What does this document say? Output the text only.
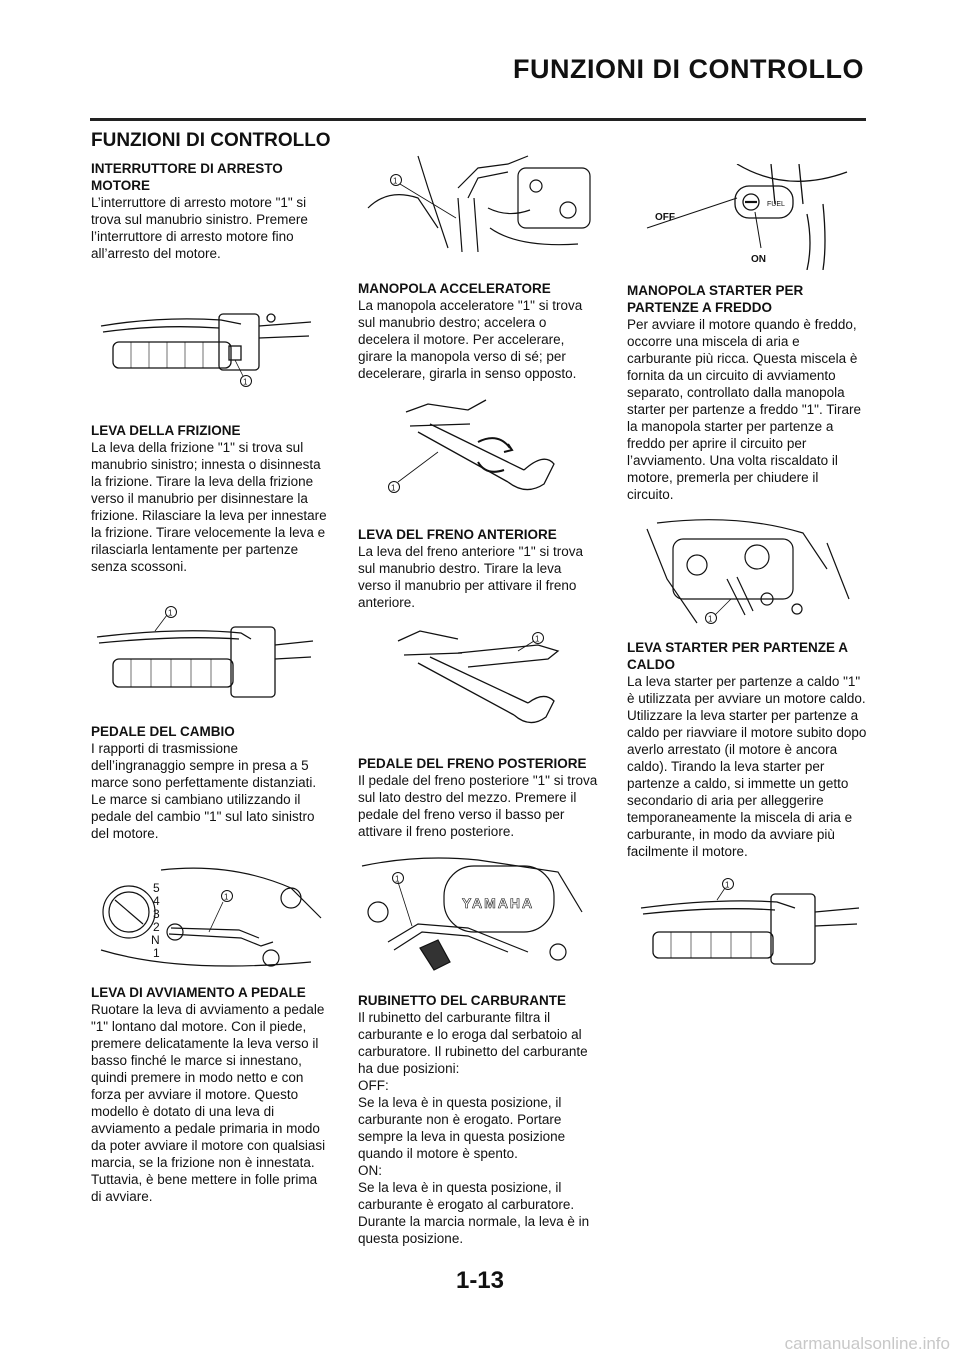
FUNZIONI DI CONTROLLO
FUNZIONI DI CONTROLLO
INTERRUTTORE DI ARRESTO MOTORE

L’interruttore di arresto motore "1" si trova sul manubrio sinistro. Premere l’interruttore di arresto motore fino all’arresto del motore.

1
LEVA DELLA FRIZIONE

La leva della frizione "1" si trova sul manubrio sinistro; innesta o disinnesta la frizione. Tirare la leva della frizione verso il manubrio per disinnestare la frizione. Rilasciare la leva per innestare la frizione. Tirare velocemente la leva e rilasciarla lentamente per partenze senza scossoni.

1
PEDALE DEL CAMBIO

I rapporti di trasmissione dell’ingranaggio sempre in presa a 5 marce sono perfettamente distanziati. Le marce si cambiano utilizzando il pedale del cambio "1" sul lato sinistro del motore.

5
4
3
2
N
1
1
LEVA DI AVVIAMENTO A PEDALE

Ruotare la leva di avviamento a pedale "1" lontano dal motore. Con il piede, premere delicatamente la leva verso il basso finché le marce si innestano, quindi premere in modo netto e con forza per avviare il motore. Questo modello è dotato di una leva di avviamento a pedale primaria in modo da poter avviare il motore con qualsiasi marcia, se la frizione non è innestata. Tuttavia, è bene mettere in folle prima di avviare.

1
MANOPOLA ACCELERATORE

La manopola acceleratore "1" si trova sul manubrio destro; accelera o decelera il motore. Per accelerare, girare la manopola verso di sé; per decelerare, girarla in senso opposto.

1
LEVA DEL FRENO ANTERIORE

La leva del freno anteriore "1" si trova sul manubrio destro. Tirare la leva verso il manubrio per attivare il freno anteriore.

1
PEDALE DEL FRENO POSTERIORE

Il pedale del freno posteriore "1" si trova sul lato destro del mezzo. Premere il pedale del freno verso il basso per attivare il freno posteriore.

YAMAHA
1
RUBINETTO DEL CARBURANTE

Il rubinetto del carburante filtra il carburante e lo eroga dal serbatoio al carburatore. Il rubinetto del carburante ha due posizioni:
OFF:
Se la leva è in questa posizione, il carburante non è erogato. Portare sempre la leva in questa posizione quando il motore è spento.
ON:
Se la leva è in questa posizione, il carburante è erogato al carburatore. Durante la marcia normale, la leva è in questa posizione.

FUEL
OFF
ON
MANOPOLA STARTER PER PARTENZE A FREDDO

Per avviare il motore quando è freddo, occorre una miscela di aria e carburante più ricca. Questa miscela è fornita da un circuito di avviamento separato, controllato dalla manopola starter per partenze a freddo "1". Tirare la manopola starter per partenze a freddo per aprire il circuito per l’avviamento. Una volta riscaldato il motore, premerla per chiudere il circuito.

1
LEVA STARTER PER PARTENZE A CALDO

La leva starter per partenze a caldo "1" è utilizzata per avviare un motore caldo. Utilizzare la leva starter per partenze a caldo per riavviare il motore subito dopo averlo arrestato (il motore è ancora caldo). Tirando la leva starter per partenze a caldo, si immette un getto secondario di aria per alleggerire temporaneamente la miscela di aria e carburante, in modo da avviare più facilmente il motore.

1
1-13
carmanualsonline.info
